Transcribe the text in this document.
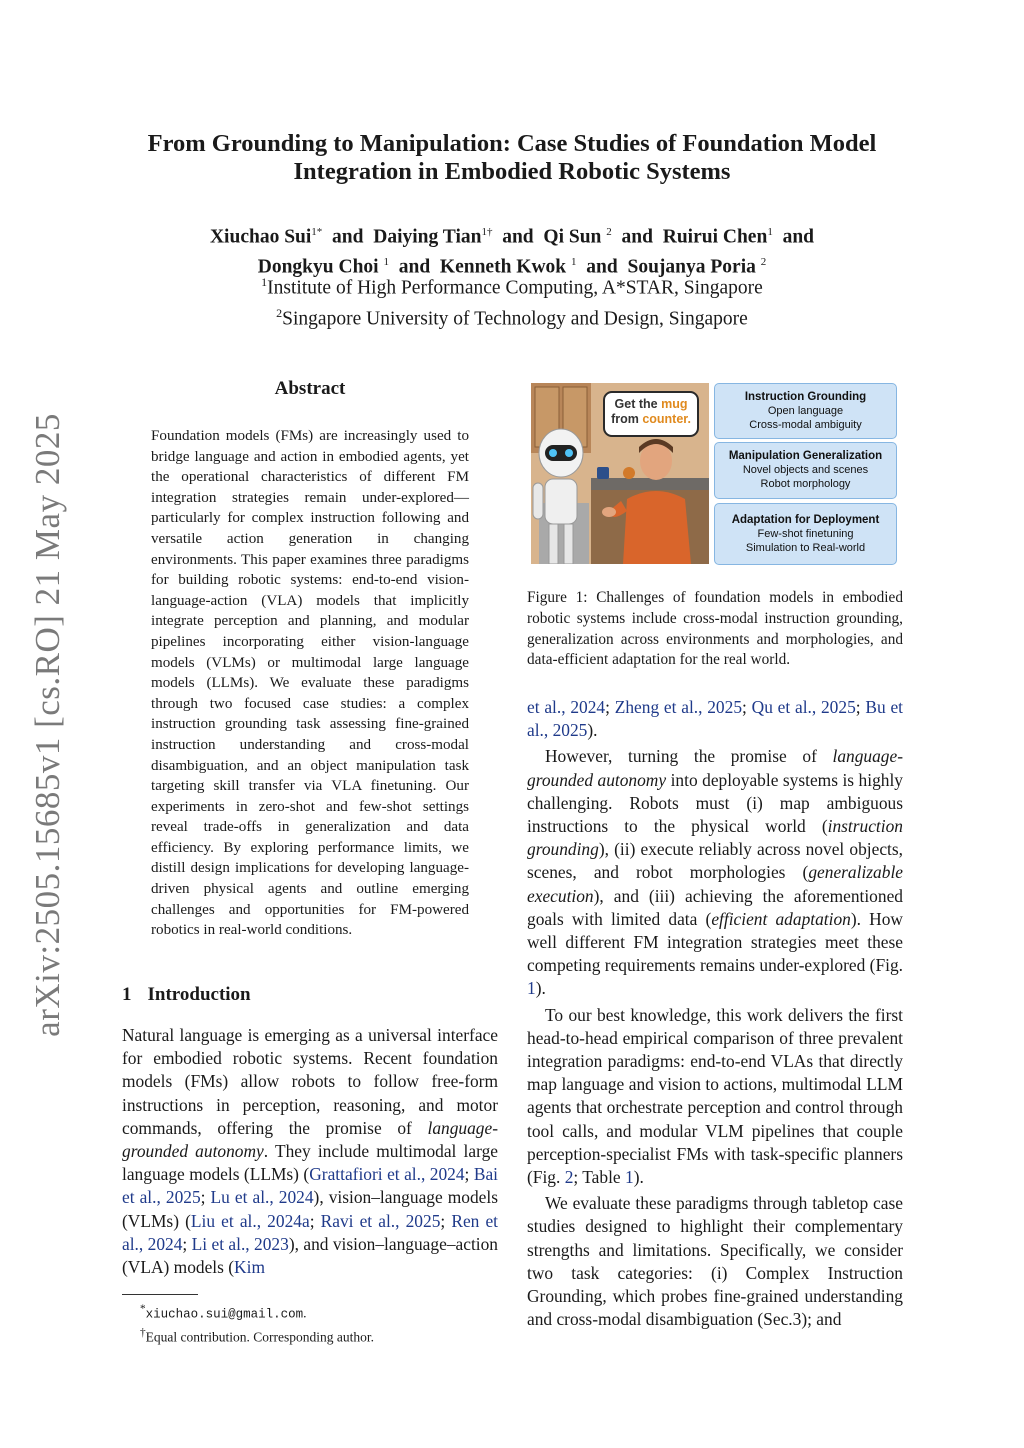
arXiv:2505.15685v1 [cs.RO] 21 May 2025
From Grounding to Manipulation: Case Studies of Foundation Model
Integration in Embodied Robotic Systems
Xiuchao Sui$^{1*}$ and Daiying Tian$^{1\dagger}$ and Qi Sun $^2$ and Ruirui Chen$^1$ and
Dongkyu Choi $^1$ and Kenneth Kwok $^1$ and Soujanya Poria $^2$
$^1$Institute of High Performance Computing, A*STAR, Singapore
$^2$Singapore University of Technology and Design, Singapore
Abstract
Foundation models (FMs) are increasingly used to bridge language and action in embodied agents, yet the operational characteristics of different FM integration strategies remain under-explored—particularly for complex instruction following and versatile action generation in changing environments. This paper examines three paradigms for building robotic systems: end-to-end vision-language-action (VLA) models that implicitly integrate perception and planning, and modular pipelines incorporating either vision-language models (VLMs) or multimodal large language models (LLMs). We evaluate these paradigms through two focused case studies: a complex instruction grounding task assessing fine-grained instruction understanding and cross-modal disambiguation, and an object manipulation task targeting skill transfer via VLA finetuning. Our experiments in zero-shot and few-shot settings reveal trade-offs in generalization and data efficiency. By exploring performance limits, we distill design implications for developing language-driven physical agents and outline emerging challenges and opportunities for FM-powered robotics in real-world conditions.
1 Introduction
Natural language is emerging as a universal interface for embodied robotic systems. Recent foundation models (FMs) allow robots to follow free-form instructions in perception, reasoning, and motor commands, offering the promise of language-grounded autonomy. They include multimodal large language models (LLMs) (Grattafiori et al., 2024; Bai et al., 2025; Lu et al., 2024), vision–language models (VLMs) (Liu et al., 2024a; Ravi et al., 2025; Ren et al., 2024; Li et al., 2023), and vision–language–action (VLA) models (Kim
*xiuchao.sui@gmail.com.
†Equal contribution. Corresponding author.
Get the mug
from counter.
Instruction Grounding
Open language
Cross-modal ambiguity
Manipulation Generalization
Novel objects and scenes
Robot morphology
Adaptation for Deployment
Few-shot finetuning
Simulation to Real-world
Figure 1: Challenges of foundation models in embodied robotic systems include cross-modal instruction grounding, generalization across environments and morphologies, and data-efficient adaptation for the real world.

et al., 2024; Zheng et al., 2025; Qu et al., 2025; Bu et al., 2025).

However, turning the promise of language-grounded autonomy into deployable systems is highly challenging. Robots must (i) map ambiguous instructions to the physical world (instruction grounding), (ii) execute reliably across novel objects, scenes, and robot morphologies (generalizable execution), and (iii) achieving the aforementioned goals with limited data (efficient adaptation). How well different FM integration strategies meet these competing requirements remains under-explored (Fig. 1).

To our best knowledge, this work delivers the first head-to-head empirical comparison of three prevalent integration paradigms: end-to-end VLAs that directly map language and vision to actions, multimodal LLM agents that orchestrate perception and control through tool calls, and modular VLM pipelines that couple perception-specialist FMs with task-specific planners (Fig. 2; Table 1).

We evaluate these paradigms through tabletop case studies designed to highlight their complementary strengths and limitations. Specifically, we consider two task categories: (i) Complex Instruction Grounding, which probes fine-grained understanding and cross-modal disambiguation (Sec.3); and
